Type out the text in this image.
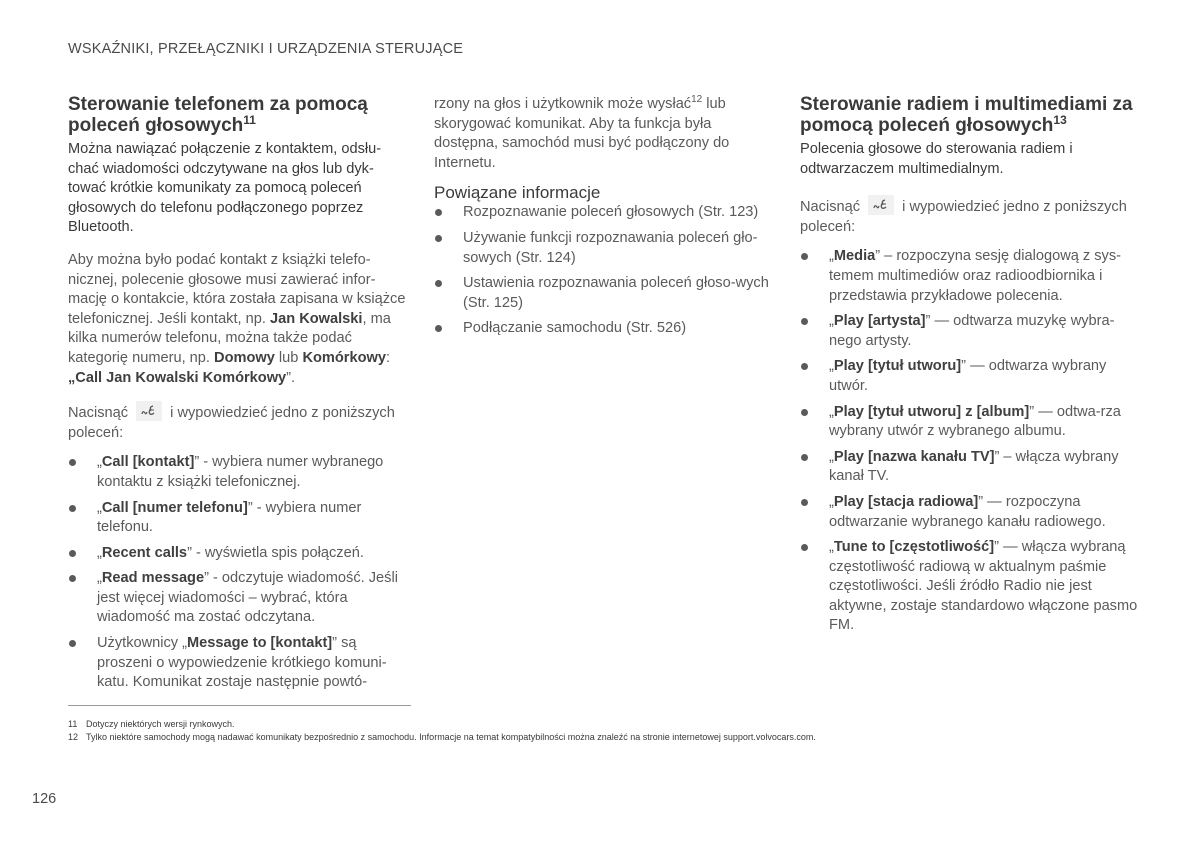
WSKAŹNIKI, PRZEŁĄCZNIKI I URZĄDZENIA STERUJĄCE
Sterowanie telefonem za pomocą poleceń głosowych$^{11}$

Można nawiązać połączenie z kontaktem, odsłu-chać wiadomości odczytywane na głos lub dyk-tować krótkie komunikaty za pomocą poleceń głosowych do telefonu podłączonego poprzez Bluetooth.

Aby można było podać kontakt z książki telefo-nicznej, polecenie głosowe musi zawierać infor-mację o kontakcie, która została zapisana w książce telefonicznej. Jeśli kontakt, np. Jan Kowalski, ma kilka numerów telefonu, można także podać kategorię numeru, np. Domowy lub Komórkowy: „Call Jan Kowalski Komórkowy”.

Nacisnąć	i wypowiedzieć jedno z poniższych poleceń:

„Call [kontakt]” - wybiera numer wybranego kontaktu z książki telefonicznej.
„Call [numer telefonu]” - wybiera numer telefonu.
„Recent calls” - wyświetla spis połączeń.
„Read message” - odczytuje wiadomość. Jeśli jest więcej wiadomości – wybrać, która wiadomość ma zostać odczytana.
Użytkownicy „Message to [kontakt]” są proszeni o wypowiedzenie krótkiego komuni-katu. Komunikat zostaje następnie powtó-

rzony na głos i użytkownik może wysłać$^{12}$ lub skorygować komunikat. Aby ta funkcja była dostępna, samochód musi być podłączony do Internetu.

Powiązane informacje
Rozpoznawanie poleceń głosowych (Str. 123)
Używanie funkcji rozpoznawania poleceń gło-sowych (Str. 124)
Ustawienia rozpoznawania poleceń głoso-wych (Str. 125)
Podłączanie samochodu (Str. 526)
Sterowanie radiem i multimediami za pomocą poleceń głosowych$^{13}$

Polecenia głosowe do sterowania radiem i odtwarzaczem multimedialnym.

Nacisnąć	i wypowiedzieć jedno z poniższych poleceń:

„Media” – rozpoczyna sesję dialogową z sys-temem multimediów oraz radioodbiornika i przedstawia przykładowe polecenia.
„Play [artysta]” — odtwarza muzykę wybra-nego artysty.
„Play [tytuł utworu]” — odtwarza wybrany utwór.
„Play [tytuł utworu] z [album]” — odtwa-rza wybrany utwór z wybranego albumu.
„Play [nazwa kanału TV]” – włącza wybrany kanał TV.
„Play [stacja radiowa]” — rozpoczyna odtwarzanie wybranego kanału radiowego.
„Tune to [częstotliwość]” — włącza wybraną częstotliwość radiową w aktualnym paśmie częstotliwości. Jeśli źródło Radio nie jest aktywne, zostaje standardowo włączone pasmo FM.
11 Dotyczy niektórych wersji rynkowych.
12 Tylko niektóre samochody mogą nadawać komunikaty bezpośrednio z samochodu. Informacje na temat kompatybilności można znaleźć na stronie internetowej support.volvocars.com.
126
